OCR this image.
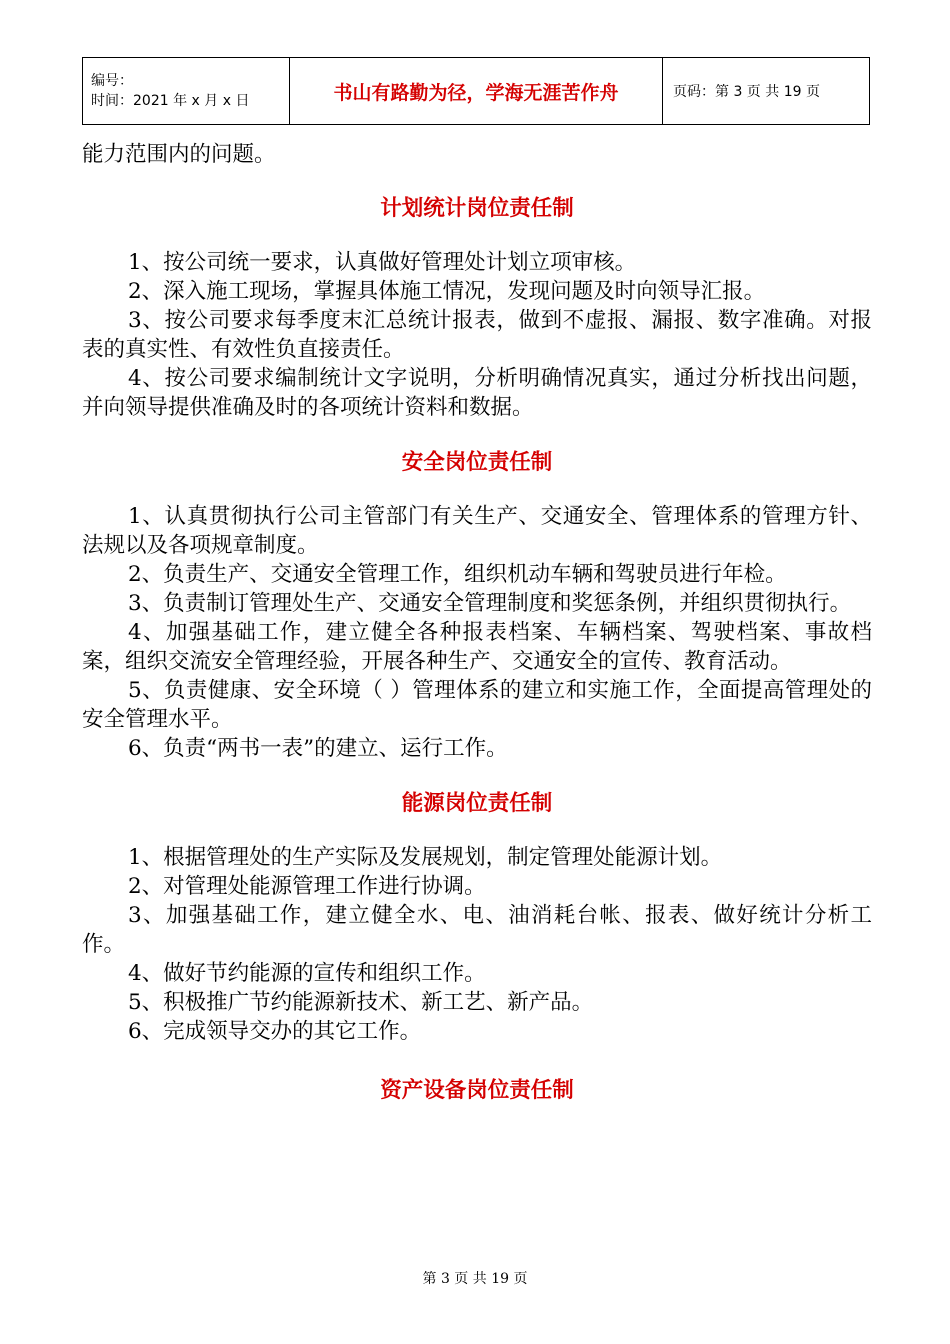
编号：
时间：2021 年 x 月 x 日	书山有路勤为径，学海无涯苦作舟	页码：第 3 页 共 19 页

能力范围内的问题。

计划统计岗位责任制

1、按公司统一要求，认真做好管理处计划立项审核。

2、深入施工现场，掌握具体施工情况，发现问题及时向领导汇报。

3、按公司要求每季度末汇总统计报表，做到不虚报、漏报、数字准确。对报表的真实性、有效性负直接责任。

4、按公司要求编制统计文字说明，分析明确情况真实，通过分析找出问题，并向领导提供准确及时的各项统计资料和数据。

安全岗位责任制

1、认真贯彻执行公司主管部门有关生产、交通安全、管理体系的管理方针、法规以及各项规章制度。

2、负责生产、交通安全管理工作，组织机动车辆和驾驶员进行年检。

3、负责制订管理处生产、交通安全管理制度和奖惩条例，并组织贯彻执行。

4、加强基础工作，建立健全各种报表档案、车辆档案、驾驶档案、事故档案，组织交流安全管理经验，开展各种生产、交通安全的宣传、教育活动。

5、负责健康、安全环境（ ）管理体系的建立和实施工作，全面提高管理处的安全管理水平。

6、负责“两书一表”的建立、运行工作。

能源岗位责任制

1、根据管理处的生产实际及发展规划，制定管理处能源计划。

2、对管理处能源管理工作进行协调。

3、加强基础工作，建立健全水、电、油消耗台帐、报表、做好统计分析工作。

4、做好节约能源的宣传和组织工作。

5、积极推广节约能源新技术、新工艺、新产品。

6、完成领导交办的其它工作。

资产设备岗位责任制
第 3 页 共 19 页
